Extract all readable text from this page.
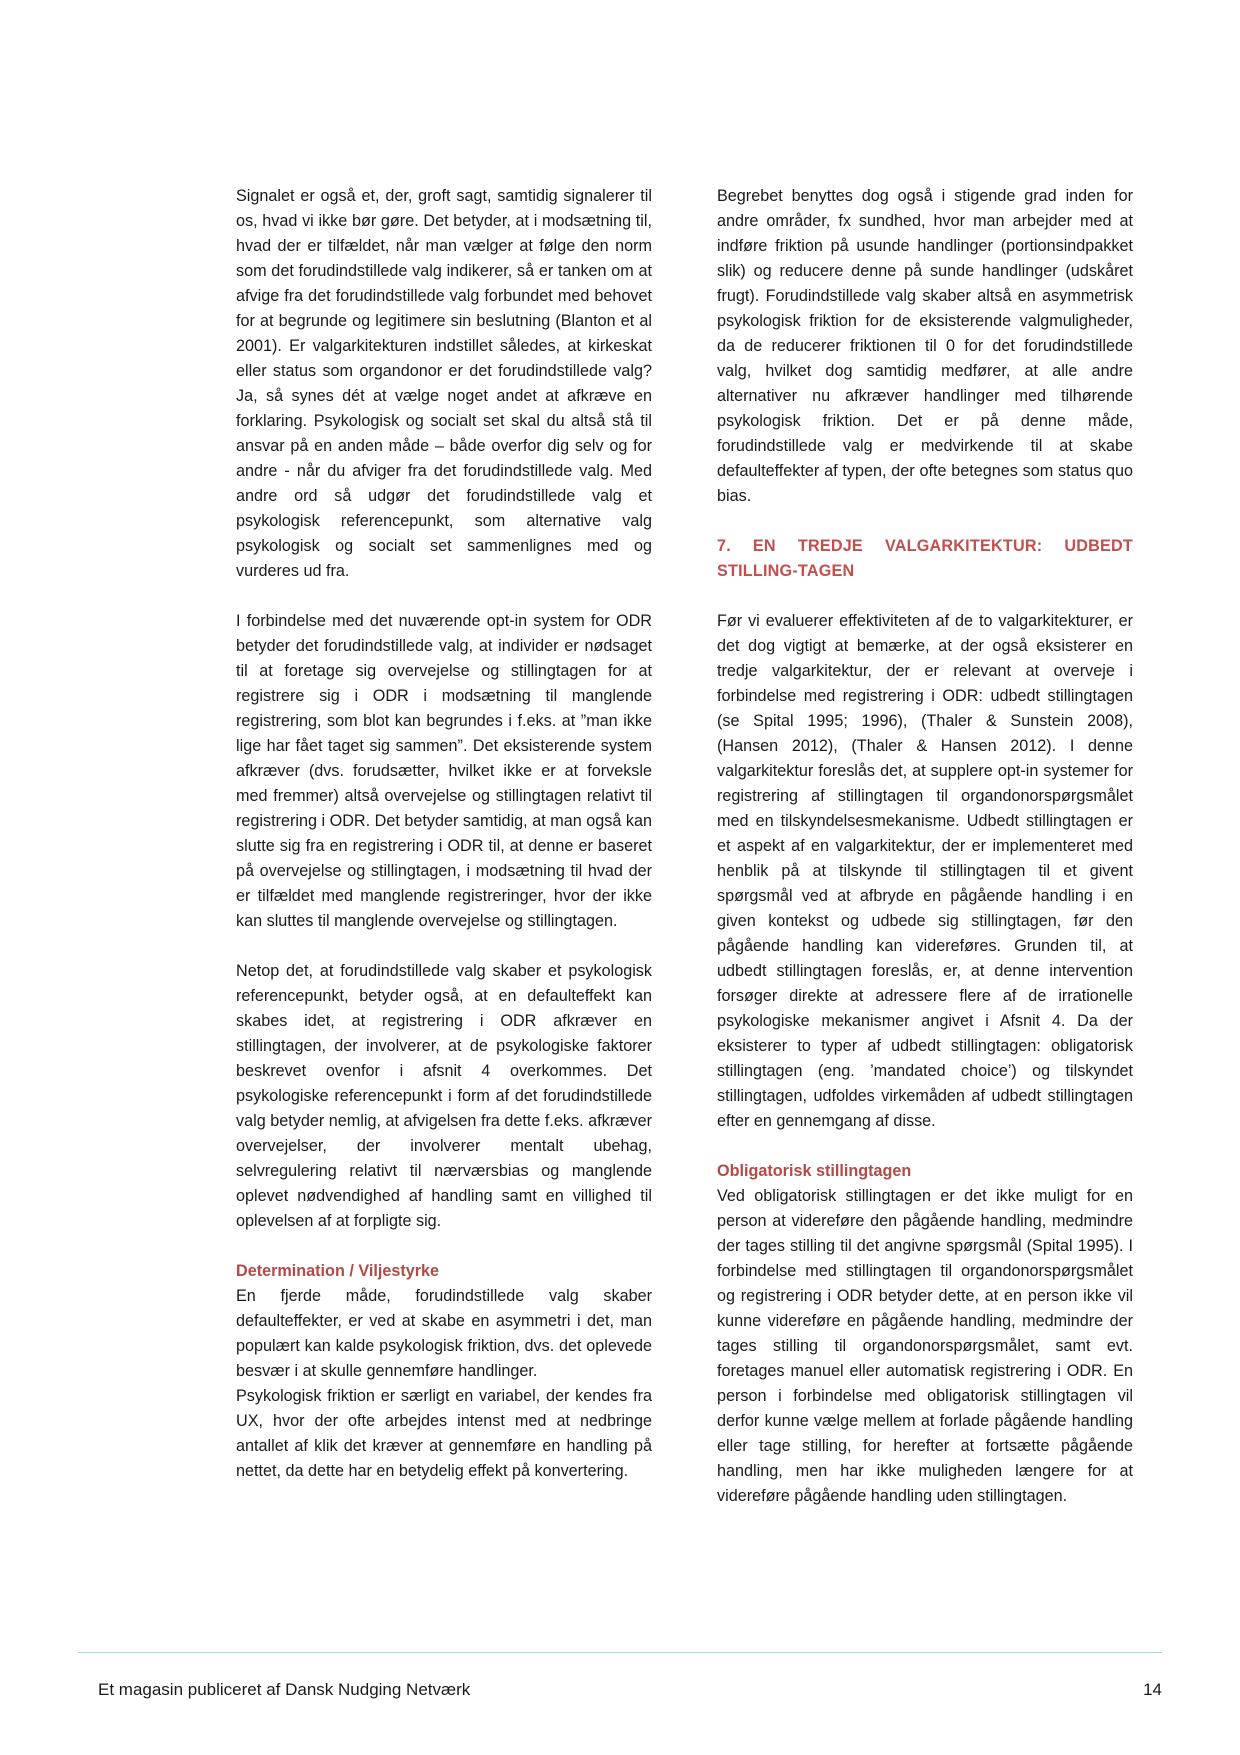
Signalet er også et, der, groft sagt, samtidig signalerer til os, hvad vi ikke bør gøre. Det betyder, at i modsætning til, hvad der er tilfældet, når man vælger at følge den norm som det forudindstillede valg indikerer, så er tanken om at afvige fra det forudindstillede valg forbundet med behovet for at begrunde og legitimere sin beslutning (Blanton et al 2001). Er valgarkitekturen indstillet således, at kirkeskat eller status som organdonor er det forudindstillede valg? Ja, så synes dét at vælge noget andet at afkræve en forklaring. Psykologisk og socialt set skal du altså stå til ansvar på en anden måde – både overfor dig selv og for andre - når du afviger fra det forudindstillede valg. Med andre ord så udgør det forudindstillede valg et psykologisk referencepunkt, som alternative valg psykologisk og socialt set sammenlignes med og vurderes ud fra.

I forbindelse med det nuværende opt-in system for ODR betyder det forudindstillede valg, at individer er nødsaget til at foretage sig overvejelse og stillingtagen for at registrere sig i ODR i modsætning til manglende registrering, som blot kan begrundes i f.eks. at ”man ikke lige har fået taget sig sammen”. Det eksisterende system afkræver (dvs. forudsætter, hvilket ikke er at forveksle med fremmer) altså overvejelse og stillingtagen relativt til registrering i ODR. Det betyder samtidig, at man også kan slutte sig fra en registrering i ODR til, at denne er baseret på overvejelse og stillingtagen, i modsætning til hvad der er tilfældet med manglende registreringer, hvor der ikke kan sluttes til manglende overvejelse og stillingtagen.

Netop det, at forudindstillede valg skaber et psykologisk referencepunkt, betyder også, at en defaulteffekt kan skabes idet, at registrering i ODR afkræver en stillingtagen, der involverer, at de psykologiske faktorer beskrevet ovenfor i afsnit 4 overkommes. Det psykologiske referencepunkt i form af det forudindstillede valg betyder nemlig, at afvigelsen fra dette f.eks. afkræver overvejelser, der involverer mentalt ubehag, selvregulering relativt til nærværsbias og manglende oplevet nødvendighed af handling samt en villighed til oplevelsen af at forpligte sig.

Determination / Viljestyrke

En fjerde måde, forudindstillede valg skaber defaulteffekter, er ved at skabe en asymmetri i det, man populært kan kalde psykologisk friktion, dvs. det oplevede besvær i at skulle gennemføre handlinger.

Psykologisk friktion er særligt en variabel, der kendes fra UX, hvor der ofte arbejdes intenst med at nedbringe antallet af klik det kræver at gennemføre en handling på nettet, da dette har en betydelig effekt på konvertering.

Begrebet benyttes dog også i stigende grad inden for andre områder, fx sundhed, hvor man arbejder med at indføre friktion på usunde handlinger (portionsindpakket slik) og reducere denne på sunde handlinger (udskåret frugt). Forudindstillede valg skaber altså en asymmetrisk psykologisk friktion for de eksisterende valgmuligheder, da de reducerer friktionen til 0 for det forudindstillede valg, hvilket dog samtidig medfører, at alle andre alternativer nu afkræver handlinger med tilhørende psykologisk friktion. Det er på denne måde, forudindstillede valg er medvirkende til at skabe defaulteffekter af typen, der ofte betegnes som status quo bias.

7. EN TREDJE VALGARKITEKTUR: UDBEDT STILLING-TAGEN

Før vi evaluerer effektiviteten af de to valgarkitekturer, er det dog vigtigt at bemærke, at der også eksisterer en tredje valgarkitektur, der er relevant at overveje i forbindelse med registrering i ODR: udbedt stillingtagen (se Spital 1995; 1996), (Thaler & Sunstein 2008), (Hansen 2012), (Thaler & Hansen 2012). I denne valgarkitektur foreslås det, at supplere opt-in systemer for registrering af stillingtagen til organdonorspørgsmålet med en tilskyndelsesmekanisme. Udbedt stillingtagen er et aspekt af en valgarkitektur, der er implementeret med henblik på at tilskynde til stillingtagen til et givent spørgsmål ved at afbryde en pågående handling i en given kontekst og udbede sig stillingtagen, før den pågående handling kan videreføres. Grunden til, at udbedt stillingtagen foreslås, er, at denne intervention forsøger direkte at adressere flere af de irrationelle psykologiske mekanismer angivet i Afsnit 4. Da der eksisterer to typer af udbedt stillingtagen: obligatorisk stillingtagen (eng. ’mandated choice’) og tilskyndet stillingtagen, udfoldes virkemåden af udbedt stillingtagen efter en gennemgang af disse.

Obligatorisk stillingtagen

Ved obligatorisk stillingtagen er det ikke muligt for en person at videreføre den pågående handling, medmindre der tages stilling til det angivne spørgsmål (Spital 1995). I forbindelse med stillingtagen til organdonorspørgsmålet og registrering i ODR betyder dette, at en person ikke vil kunne videreføre en pågående handling, medmindre der tages stilling til organdonorspørgsmålet, samt evt. foretages manuel eller automatisk registrering i ODR. En person i forbindelse med obligatorisk stillingtagen vil derfor kunne vælge mellem at forlade pågående handling eller tage stilling, for herefter at fortsætte pågående handling, men har ikke muligheden længere for at videreføre pågående handling uden stillingtagen.

Et magasin publiceret af Dansk Nudging Netværk	14
